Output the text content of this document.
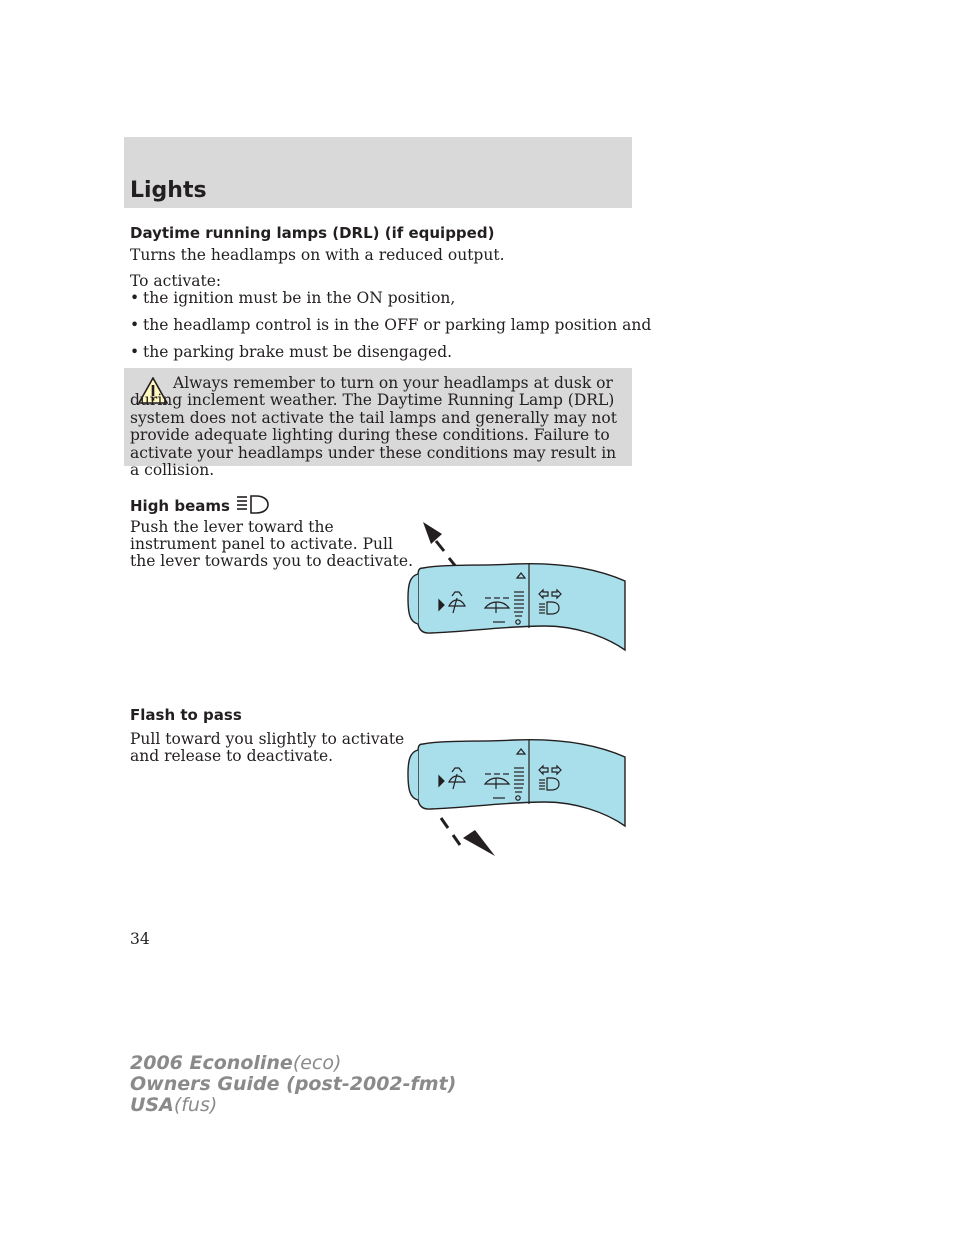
Lights
Daytime running lamps (DRL) (if equipped)

Turns the headlamps on with a reduced output.

To activate:

• the ignition must be in the ON position,
• the headlamp control is in the OFF or parking lamp position and
• the parking brake must be disengaged.

Always remember to turn on your headlamps at dusk or during inclement weather. The Daytime Running Lamp (DRL) system does not activate the tail lamps and generally may not provide adequate lighting during these conditions. Failure to activate your headlamps under these conditions may result in a collision.

High beams

Push the lever toward the

instrument panel to activate. Pull

the lever towards you to deactivate.

Flash to pass

Pull toward you slightly to activate

and release to deactivate.

34

2006 Econoline(eco)
Owners Guide (post-2002-fmt)
USA(fus)
